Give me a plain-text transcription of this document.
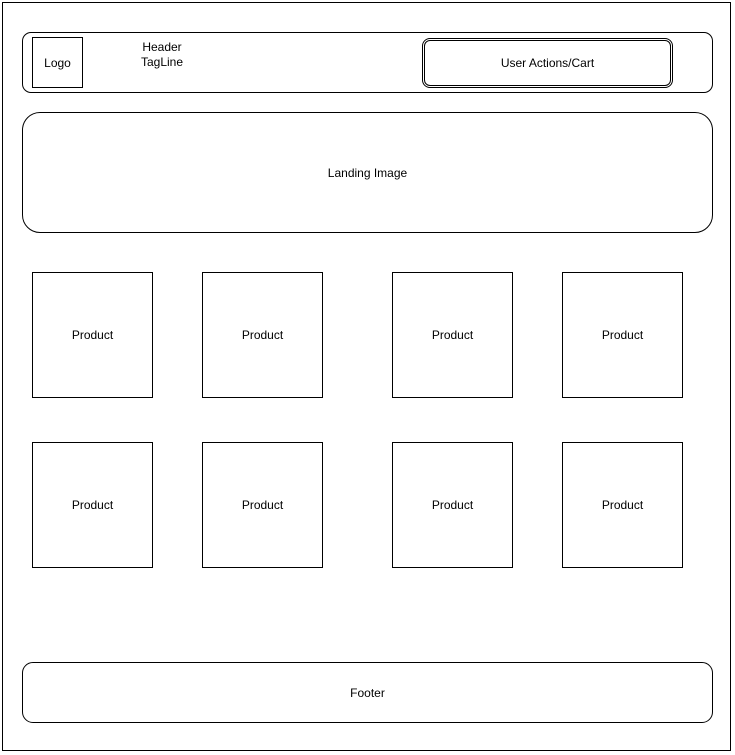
Logo
Header
TagLine	User Actions/Cart
Landing Image
Product	Product	Product	Product
Product	Product	Product	Product
Footer
